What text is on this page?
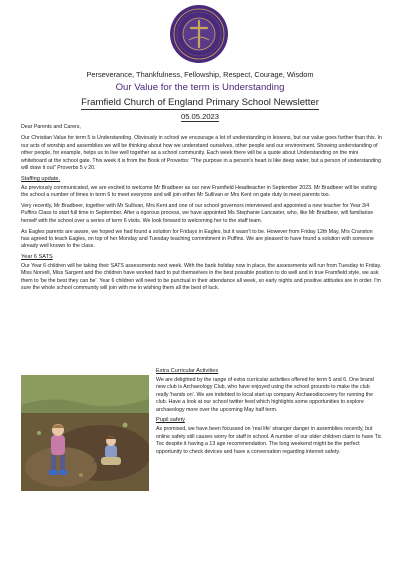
Perseverance, Thankfulness, Fellowship, Respect, Courage, Wisdom
Our Value for the term is Understanding
Framfield Church of England Primary School Newsletter
05.05.2023

Dear Parents and Carers,

Our Christian Value for term 5 is Understanding. Obviously in school we encourage a lot of understanding in lessons, but our value goes further than this. In our acts of worship and assemblies we will be thinking about how we understand ourselves, other people and our environment. Showing understanding of other people, for example, helps us to live well together as a school community. Each week there will be a quote about Understanding on the mini whiteboard at the school gate. This week it is from the Book of Proverbs: "The purpose in a person's heart is like deep water, but a person of understanding will draw it out" Proverbs 5 v 20.

Staffing update.

As previously communicated, we are excited to welcome Mr Bradbeer as our new Framfield Headteacher in September 2023. Mr Bradbeer will be visiting the school a number of times in term 6 to meet everyone and will join either Mr Sullivan or Mrs Kent on gate duty to meet parents too.

Very recently, Mr Bradbeer, together with Mr Sullivan, Mrs Kent and one of our school governors interviewed and appointed a new teacher for Year 3/4 Puffins Class to start full time in September. After a rigorous process, we have appointed Ms Stephanie Lancaster, who, like Mr Bradbeer, will familiarise herself with the school over a series of term 6 visits. We look forward to welcoming her to the staff team.

As Eagles parents are aware, we hoped we had found a solution for Fridays in Eagles, but it wasn't to be. However from Friday 12th May, Mrs Cranston has agreed to teach Eagles, on top of her Monday and Tuesday teaching commitment in Puffins. We are pleased to have found a solution with someone already well known to the class.

Year 6 SATS

Our Year 6 children will be taking their SATS assessments next week. With the bank holiday now in place, the assessments will run from Tuesday to Friday. Miss Norvell, Miss Sargent and the children have worked hard to put themselves in the best possible position to do well and in true Framfield style, we ask them to 'be the best they can be'. Year 6 children will need to be punctual in their attendance all week, so early nights and positive attitudes are in order. I'm sure the whole school community will join with me in wishing them all the best of luck.

Extra Curricular Activities

We are delighted by the range of extra curricular activities offered for term 5 and 6. One brand new club is Archaeology Club, who have enjoyed using the school grounds to make the club really 'hands on'. We are indebted to local start up company Archaeodiscovery for running the club. Have a look at our school twitter feed which highlights some opportunities to explore archaeology more over the upcoming May half term.

Pupil safety

As promised, we have been focussed on 'real life' stranger danger in assemblies recently, but online safety still causes worry for staff in school. A number of our older children claim to have Tic Toc despite it having a 13 age recommendation. The long weekend might be the perfect opportunity to check devices and have a conversation regarding internet safety.
